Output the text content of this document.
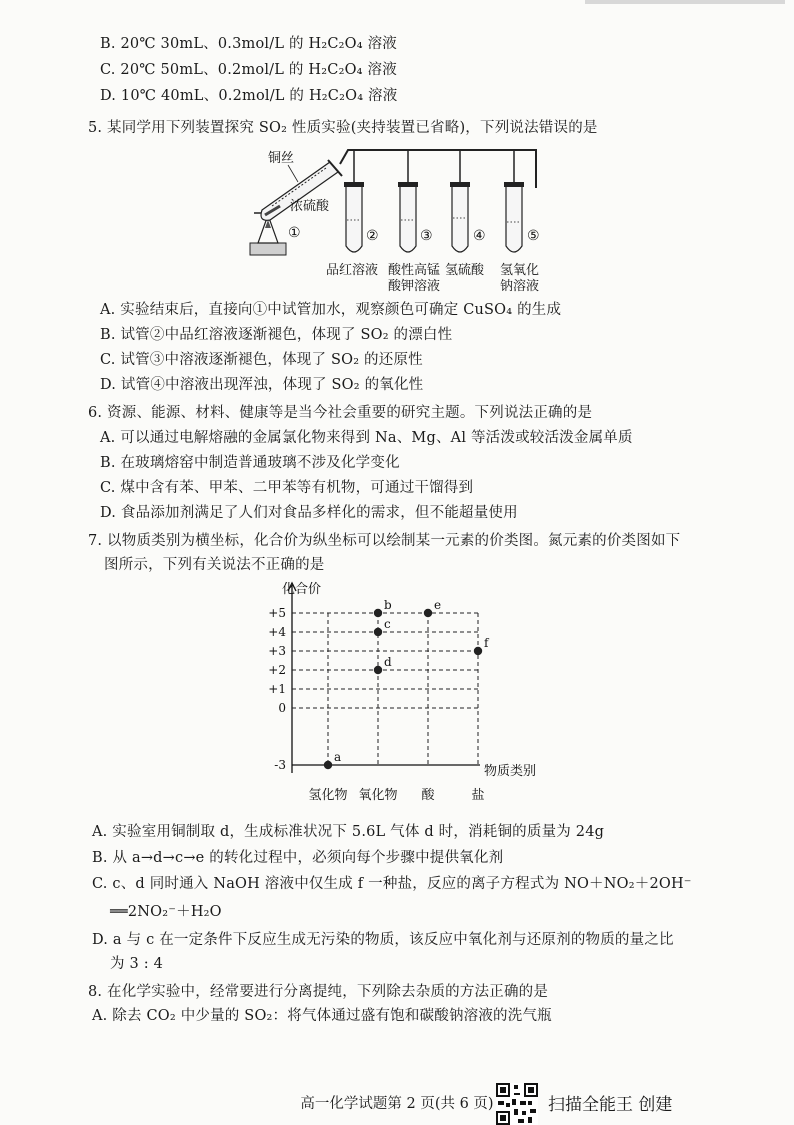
B. 20℃ 30mL、0.3mol/L 的 H₂C₂O₄ 溶液
C. 20℃ 50mL、0.2mol/L 的 H₂C₂O₄ 溶液
D. 10℃ 40mL、0.2mol/L 的 H₂C₂O₄ 溶液
5. 某同学用下列装置探究 SO₂ 性质实验(夹持装置已省略)，下列说法错误的是
铜丝
浓硫酸
①	②	③	④	⑤
品红溶液 酸性高锰
酸钾溶液
氢硫酸 氢氧化
钠溶液
A. 实验结束后，直接向①中试管加水，观察颜色可确定 CuSO₄ 的生成
B. 试管②中品红溶液逐渐褪色，体现了 SO₂ 的漂白性
C. 试管③中溶液逐渐褪色，体现了 SO₂ 的还原性
D. 试管④中溶液出现浑浊，体现了 SO₂ 的氧化性
6. 资源、能源、材料、健康等是当今社会重要的研究主题。下列说法正确的是
A. 可以通过电解熔融的金属氯化物来得到 Na、Mg、Al 等活泼或较活泼金属单质
B. 在玻璃熔窑中制造普通玻璃不涉及化学变化
C. 煤中含有苯、甲苯、二甲苯等有机物，可通过干馏得到
D. 食品添加剂满足了人们对食品多样化的需求，但不能超量使用
7. 以物质类别为横坐标，化合价为纵坐标可以绘制某一元素的价类图。氮元素的价类图如下
图所示，下列有关说法不正确的是
化合价
物质类别
+5
+4
+3
+2
+1
0
-3
氢化物 氧化物 酸	盐
a
b
c
d
e
f
A. 实验室用铜制取 d，生成标准状况下 5.6L 气体 d 时，消耗铜的质量为 24g
B. 从 a→d→c→e 的转化过程中，必须向每个步骤中提供氧化剂
C. c、d 同时通入 NaOH 溶液中仅生成 f 一种盐，反应的离子方程式为 NO＋NO₂＋2OH⁻
══2NO₂⁻＋H₂O
D. a 与 c 在一定条件下反应生成无污染的物质，该反应中氧化剂与还原剂的物质的量之比
为 3 : 4
8. 在化学实验中，经常要进行分离提纯，下列除去杂质的方法正确的是
A. 除去 CO₂ 中少量的 SO₂：将气体通过盛有饱和碳酸钠溶液的洗气瓶
高一化学试题第 2 页(共 6 页)	扫描全能王 创建
